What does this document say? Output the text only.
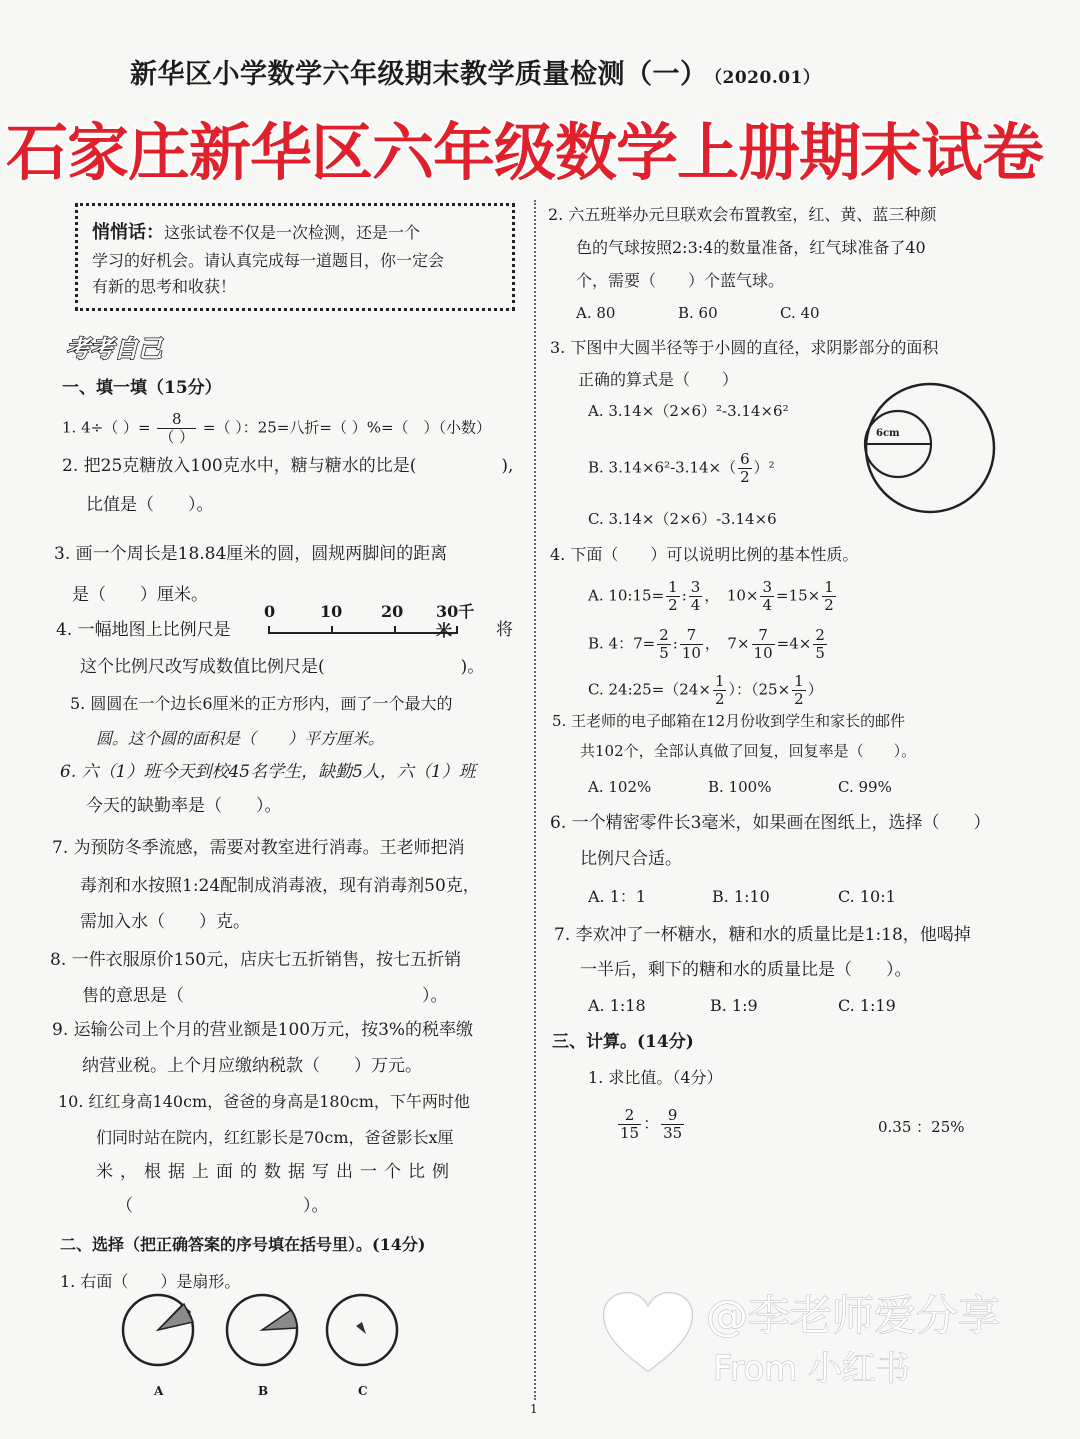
新华区小学数学六年级期末教学质量检测（一） （2020.01）
石家庄新华区六年级数学上册期末试卷
悄悄话：这张试卷不仅是一次检测，还是一个
学习的好机会。请认真完成每一道题目，你一定会
有新的思考和收获！
考考自己
一、填一填（15分）
1. 4÷（ ）= $\frac{8}{( )}$ =（ ）：25=八折=（ ）%=（　）（小数）
2. 把25克糖放入100克水中，糖与糖水的比是(　　　　　),
比值是（　　）。
3. 画一个周长是18.84厘米的圆，圆规两脚间的距离
是（　　）厘米。
4. 一幅地图上比例尺是
0	10 20 30千米	将
这个比例尺改写成数值比例尺是(　　　　　　　　)。
5. 圆圆在一个边长6厘米的正方形内，画了一个最大的
圆。这个圆的面积是（　　）平方厘米。
6. 六（1）班今天到校45名学生，缺勤5人，六（1）班
今天的缺勤率是（　　）。
7. 为预防冬季流感，需要对教室进行消毒。王老师把消
毒剂和水按照1:24配制成消毒液，现有消毒剂50克，
需加入水（　　）克。
8. 一件衣服原价150元，店庆七五折销售，按七五折销
售的意思是（　　　　　　　　　　　　　　）。
9. 运输公司上个月的营业额是100万元，按3%的税率缴
纳营业税。上个月应缴纳税款（　　）万元。
10. 红红身高140cm，爸爸的身高是180cm，下午两时他
们同时站在院内，红红影长是70cm，爸爸影长x厘
米，根据上面的数据写出一个比例
（　　　　　　　　　　）。
二、选择（把正确答案的序号填在括号里）。(14分)
1. 右面（　　）是扇形。
A	B	C
2. 六五班举办元旦联欢会布置教室，红、黄、蓝三种颜
色的气球按照2:3:4的数量准备，红气球准备了40
个，需要（　　）个蓝气球。
A. 80	B. 60	C. 40
3. 下图中大圆半径等于小圆的直径，求阴影部分的面积
正确的算式是（　　）
A. 3.14×（2×6）²-3.14×6²
B. $3.14\times 6^2-3.14\times( \frac{6}{2} )^2$
C. 3.14×（2×6）-3.14×6
6cm
4. 下面（　　）可以说明比例的基本性质。
A. 10:15= $\frac{1}{2}$ : $\frac{3}{4}$ ，　$10\times \frac{3}{4} =15\times \frac{1}{2}$
B. 4：$7= \frac{2}{5}$ : $\frac{7}{10}$ ，　$7\times \frac{7}{10} =4\times \frac{2}{5}$
C. 24:25=（24× $\frac{1}{2}$ ）：（$25\times \frac{1}{2}$ ）
5. 王老师的电子邮箱在12月份收到学生和家长的邮件
共102个，全部认真做了回复，回复率是（　　）。
A. 102%	B. 100%	C. 99%
6. 一个精密零件长3毫米，如果画在图纸上，选择（　　）
比例尺合适。
A. 1：1	B. 1:10	C. 10:1
7. 李欢冲了一杯糖水，糖和水的质量比是1:18，他喝掉
一半后，剩下的糖和水的质量比是（　　）。
A. 1:18	B. 1:9	C. 1:19
三、计算。(14分)
1. 求比值。（4分）
$\frac{2}{15}$ ： $\frac{9}{35}$	0.35 ：25%
@李老师爱分享
From 小红书
1
